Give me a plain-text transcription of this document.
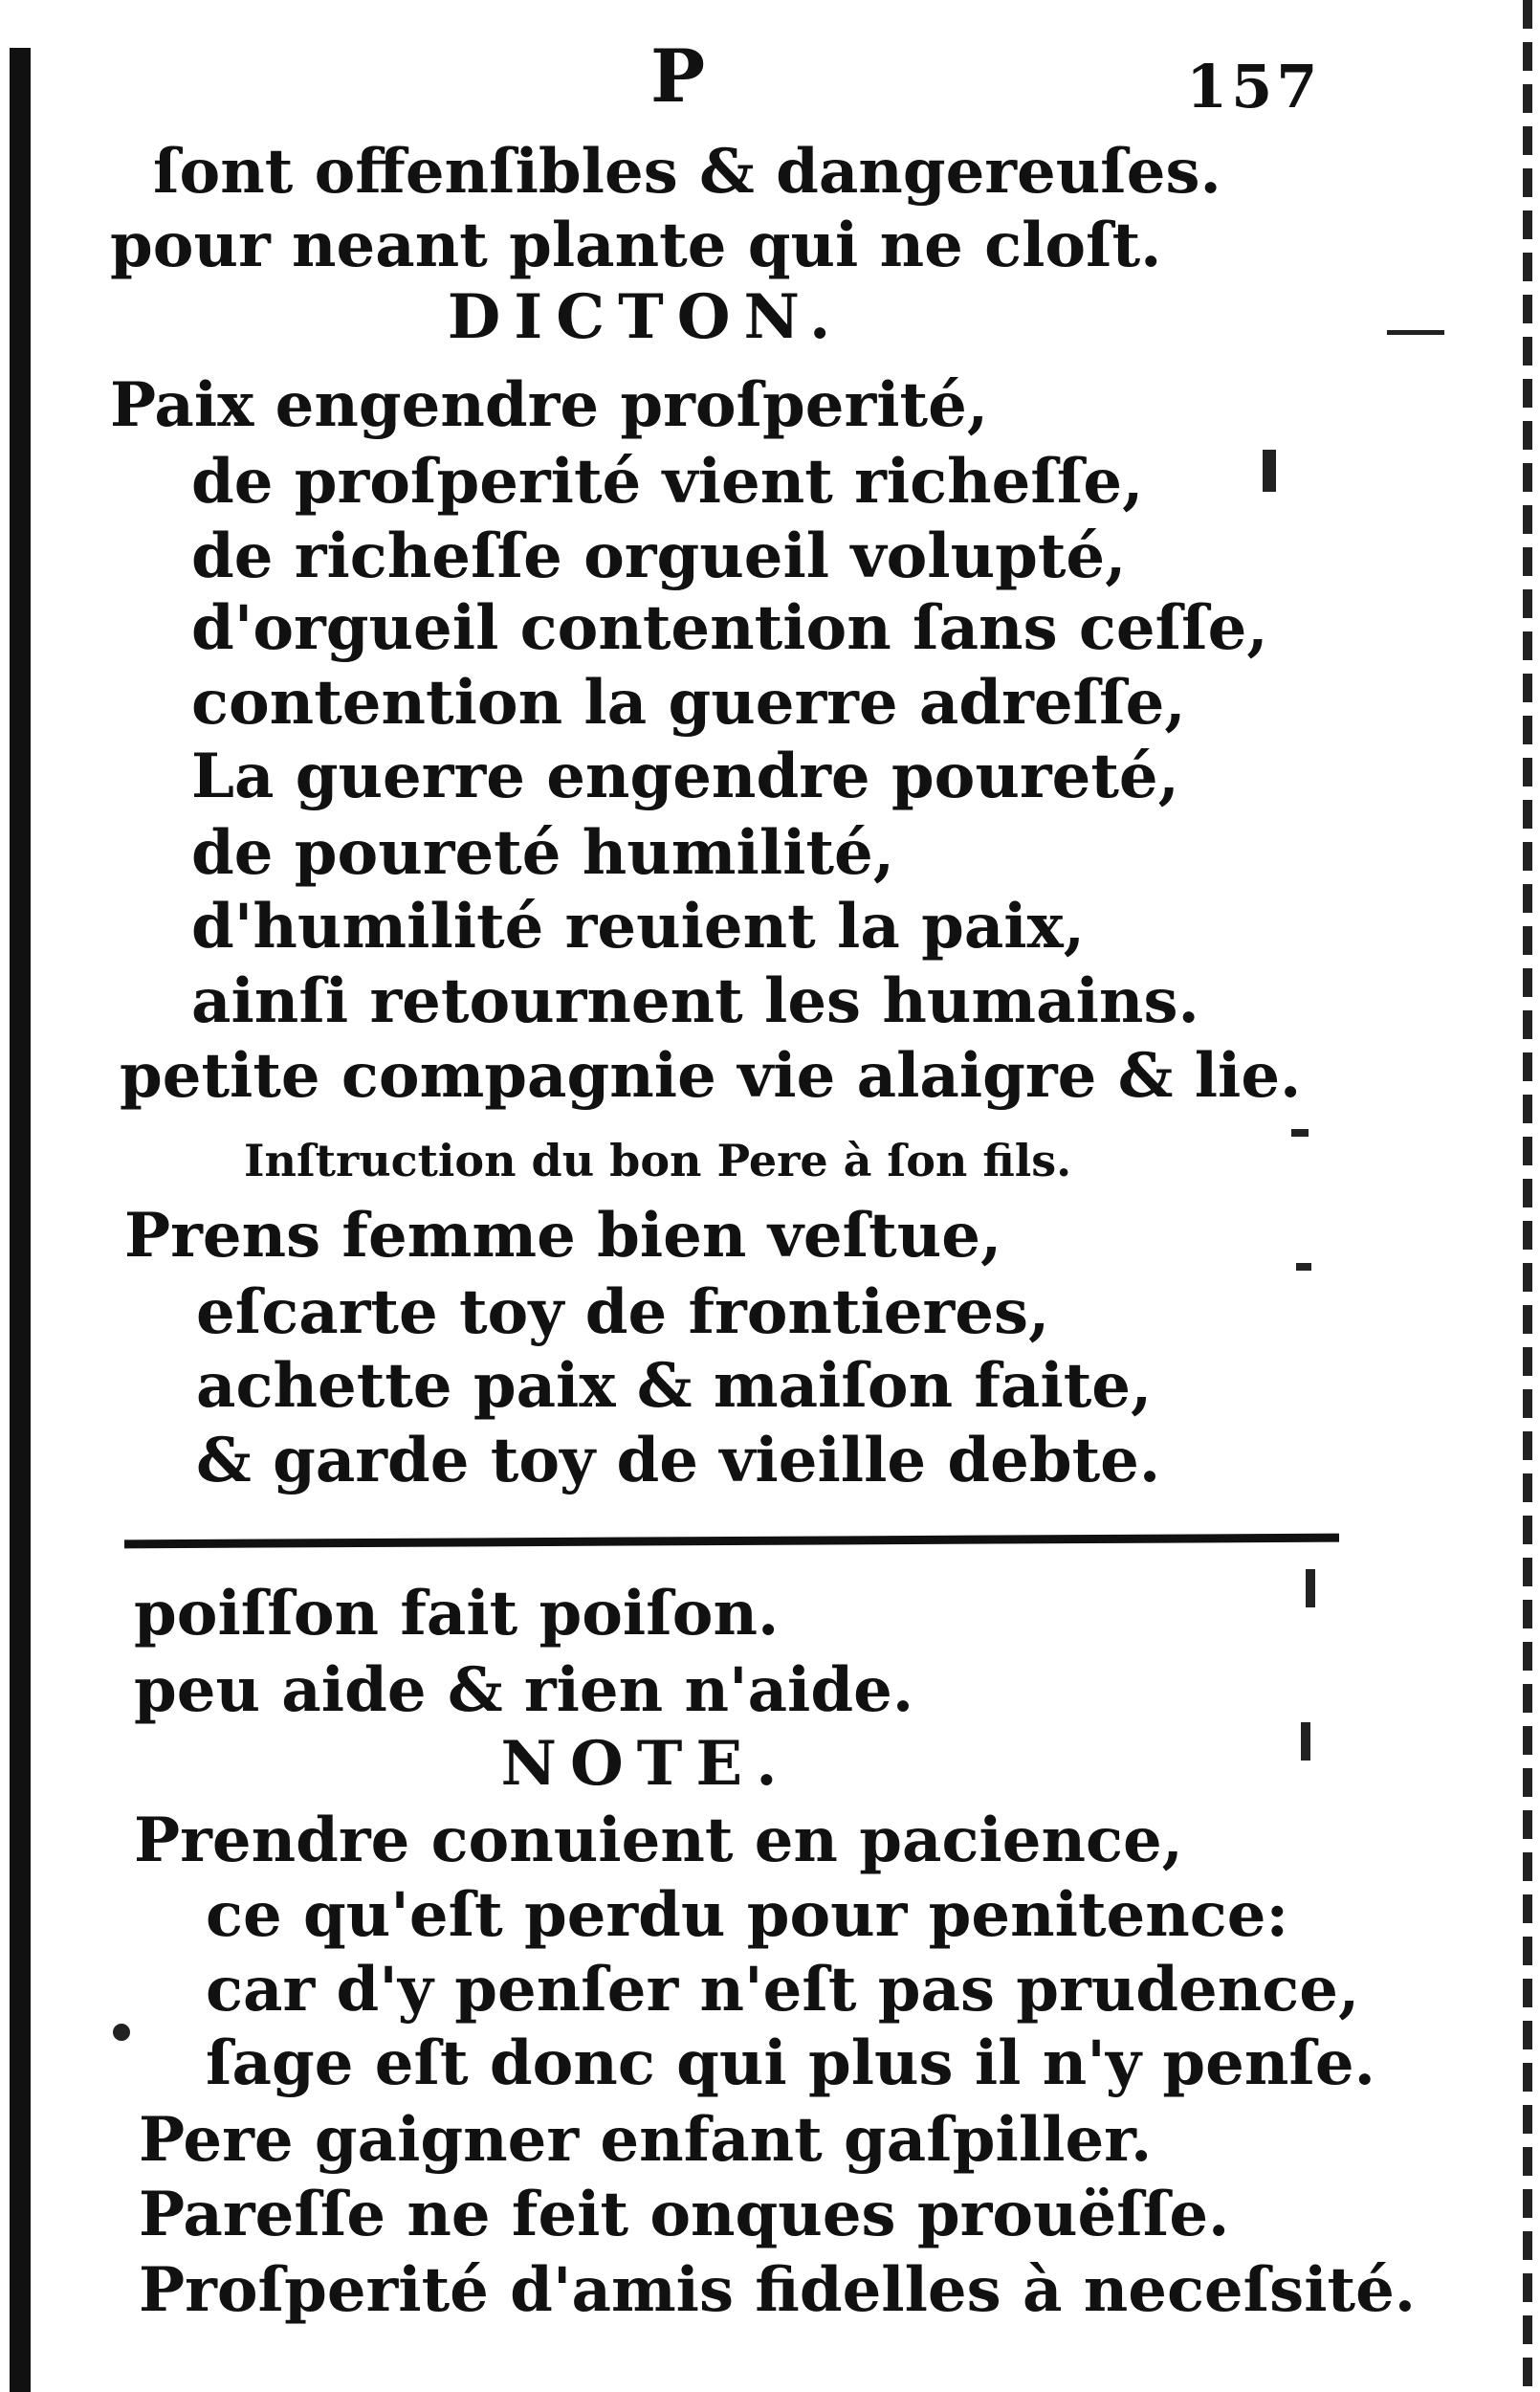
P	157
ſont offenſibles & dangereuſes.
pour neant plante qui ne cloſt.
DICTON.
Paix engendre proſperité,
de proſperité vient richeſſe,
de richeſſe orgueil volupté,
d'orgueil contention ſans ceſſe,
contention la guerre adreſſe,
La guerre engendre poureté,
de poureté humilité,
d'humilité reuient la paix,
ainſi retournent les humains.
petite compagnie vie alaigre & lie.
Inſtruction du bon Pere à ſon fils.
Prens femme bien veſtue,
eſcarte toy de frontieres,
achette paix & maiſon faite,
& garde toy de vieille debte.
poiſſon fait poiſon.
peu aide & rien n'aide.
NOTE.
Prendre conuient en pacience,
ce qu'eſt perdu pour penitence:
car d'y penſer n'eſt pas prudence,
ſage eſt donc qui plus il n'y penſe.
Pere gaigner enfant gaſpiller.
Pareſſe ne feit onques prouëſſe.
Proſperité d'amis fidelles à neceſsité.
